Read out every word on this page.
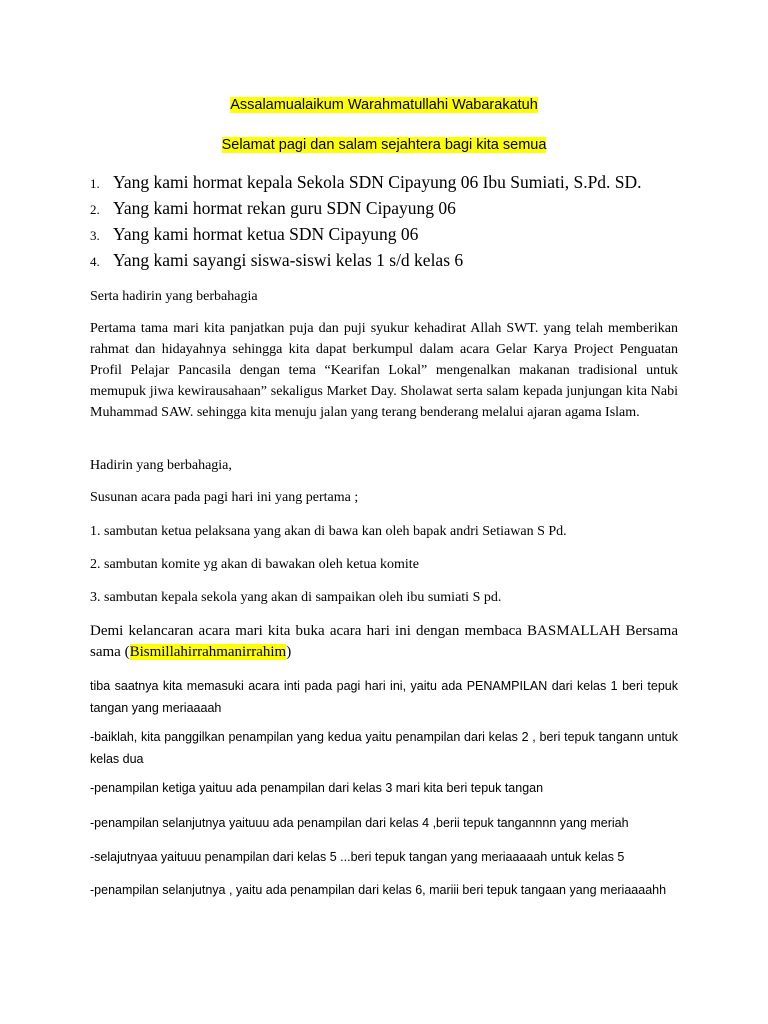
Assalamualaikum Warahmatullahi Wabarakatuh
Selamat pagi dan salam sejahtera bagi kita semua
1. Yang kami hormat kepala Sekola SDN Cipayung 06 Ibu Sumiati, S.Pd. SD.
2. Yang kami hormat rekan guru SDN Cipayung 06
3. Yang kami hormat ketua SDN Cipayung 06
4. Yang kami sayangi siswa-siswi kelas 1 s/d kelas 6

Serta hadirin yang berbahagia

Pertama tama mari kita panjatkan puja dan puji syukur kehadirat Allah SWT. yang telah memberikan rahmat dan hidayahnya sehingga kita dapat berkumpul dalam acara Gelar Karya Project Penguatan Profil Pelajar Pancasila dengan tema “Kearifan Lokal” mengenalkan makanan tradisional untuk memupuk jiwa kewirausahaan” sekaligus Market Day. Sholawat serta salam kepada junjungan kita Nabi Muhammad SAW. sehingga kita menuju jalan yang terang benderang melalui ajaran agama Islam.

Hadirin yang berbahagia,

Susunan acara pada pagi hari ini yang pertama ;

1. sambutan ketua pelaksana yang akan di bawa kan oleh bapak andri Setiawan S Pd.

2. sambutan komite yg akan di bawakan oleh ketua komite

3. sambutan kepala sekola yang akan di sampaikan oleh ibu sumiati S pd.

Demi kelancaran acara mari kita buka acara hari ini dengan membaca BASMALLAH Bersama sama (Bismillahirrahmanirrahim)

tiba saatnya kita memasuki acara inti pada pagi hari ini, yaitu ada PENAMPILAN dari kelas 1 beri tepuk tangan yang meriaaaah

-baiklah, kita panggilkan penampilan yang kedua yaitu penampilan dari kelas 2 , beri tepuk tangann untuk kelas dua

-penampilan ketiga yaituu ada penampilan dari kelas 3 mari kita beri tepuk tangan

-penampilan selanjutnya yaituuu ada penampilan dari kelas 4 ,berii tepuk tangannnn yang meriah

-selajutnyaa yaituuu penampilan dari kelas 5 ...beri tepuk tangan yang meriaaaaah untuk kelas 5

-penampilan selanjutnya , yaitu ada penampilan dari kelas 6, mariii beri tepuk tangaan yang meriaaaahh
